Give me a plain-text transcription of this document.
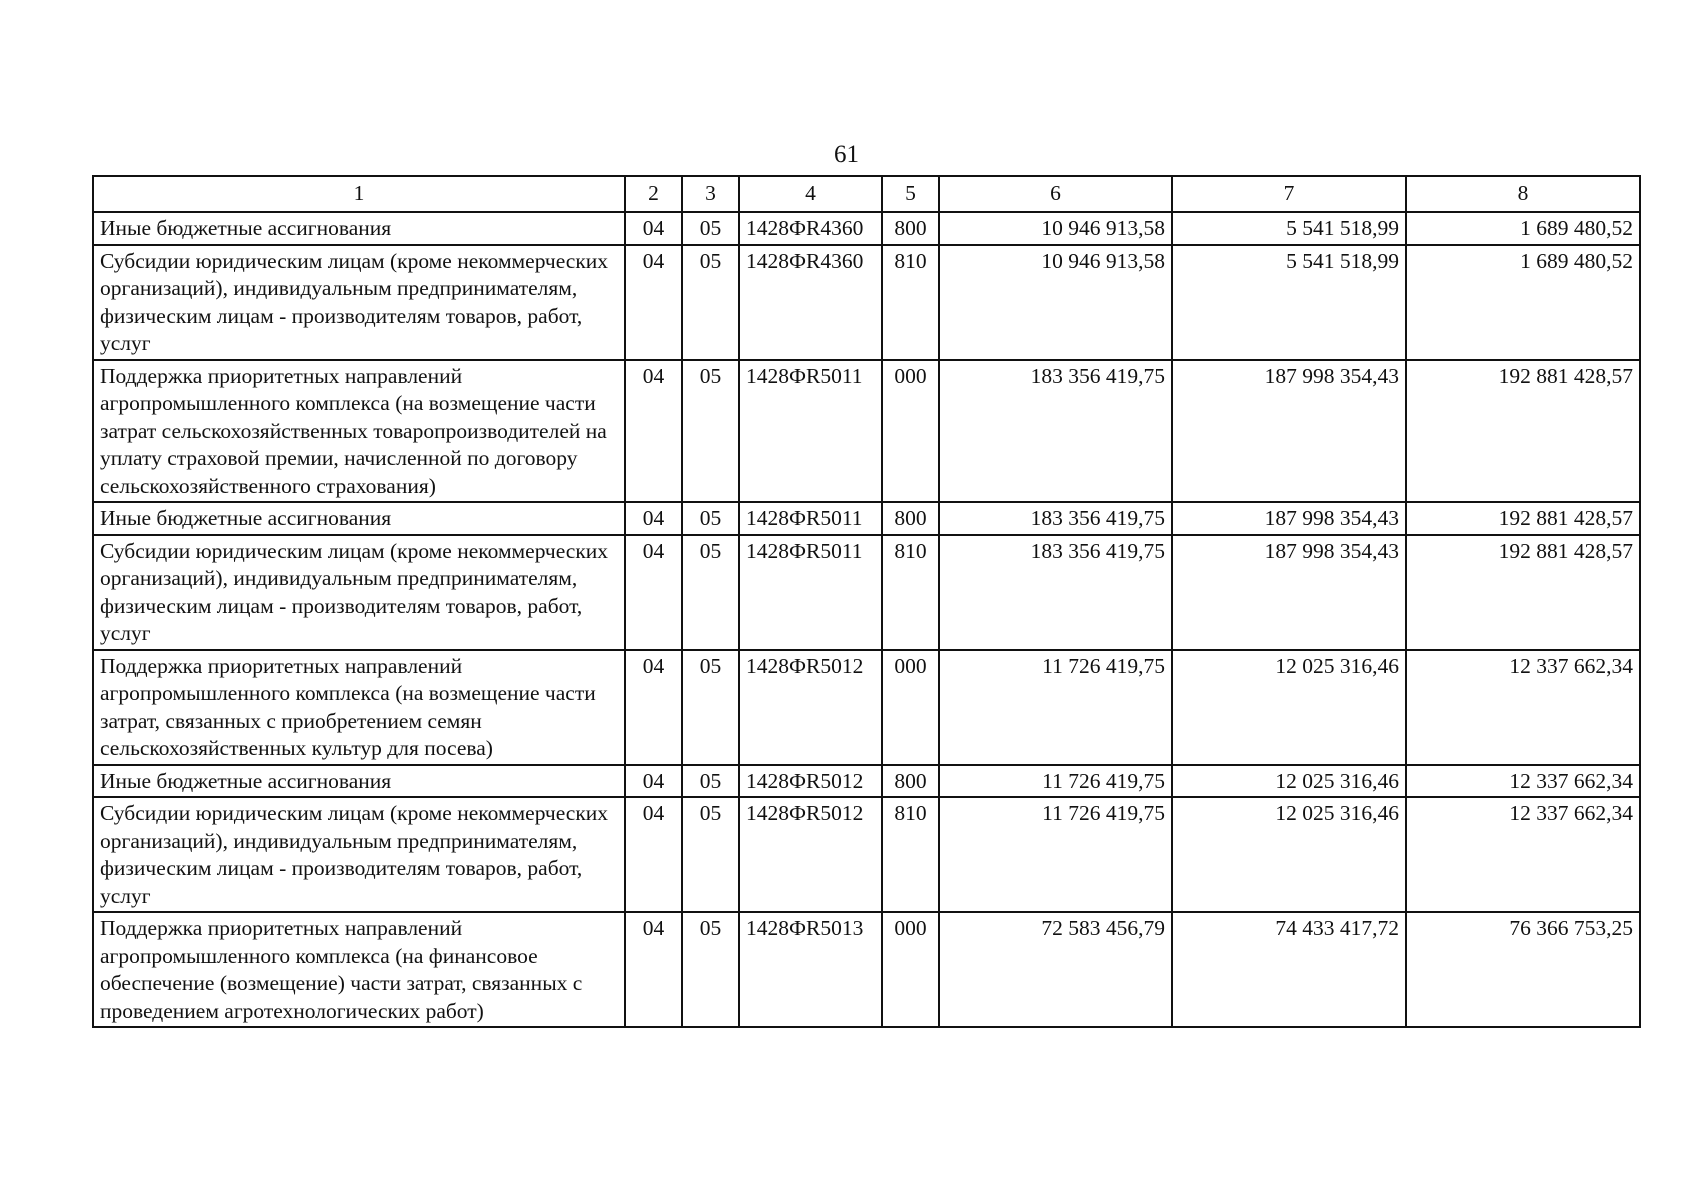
61
1	2	3	4	5	6	7	8
Иные бюджетные ассигнования	04	05	1428ФR4360	800	10 946 913,58	5 541 518,99	1 689 480,52
Субсидии юридическим лицам (кроме некоммерческих организаций), индивидуальным предпринимателям, физическим лицам - производителям товаров, работ, услуг	04	05	1428ФR4360	810	10 946 913,58	5 541 518,99	1 689 480,52
Поддержка приоритетных направлений агропромышленного комплекса (на возмещение части затрат сельскохозяйственных товаропроизводителей на уплату страховой премии, начисленной по договору сельскохозяйственного страхования)	04	05	1428ФR5011	000	183 356 419,75	187 998 354,43	192 881 428,57
Иные бюджетные ассигнования	04	05	1428ФR5011	800	183 356 419,75	187 998 354,43	192 881 428,57
Субсидии юридическим лицам (кроме некоммерческих организаций), индивидуальным предпринимателям, физическим лицам - производителям товаров, работ, услуг	04	05	1428ФR5011	810	183 356 419,75	187 998 354,43	192 881 428,57
Поддержка приоритетных направлений агропромышленного комплекса (на возмещение части затрат, связанных с приобретением семян сельскохозяйственных культур для посева)	04	05	1428ФR5012	000	11 726 419,75	12 025 316,46	12 337 662,34
Иные бюджетные ассигнования	04	05	1428ФR5012	800	11 726 419,75	12 025 316,46	12 337 662,34
Субсидии юридическим лицам (кроме некоммерческих организаций), индивидуальным предпринимателям, физическим лицам - производителям товаров, работ, услуг	04	05	1428ФR5012	810	11 726 419,75	12 025 316,46	12 337 662,34
Поддержка приоритетных направлений агропромышленного комплекса (на финансовое обеспечение (возмещение) части затрат, связанных с проведением агротехнологических работ)	04	05	1428ФR5013	000	72 583 456,79	74 433 417,72	76 366 753,25
